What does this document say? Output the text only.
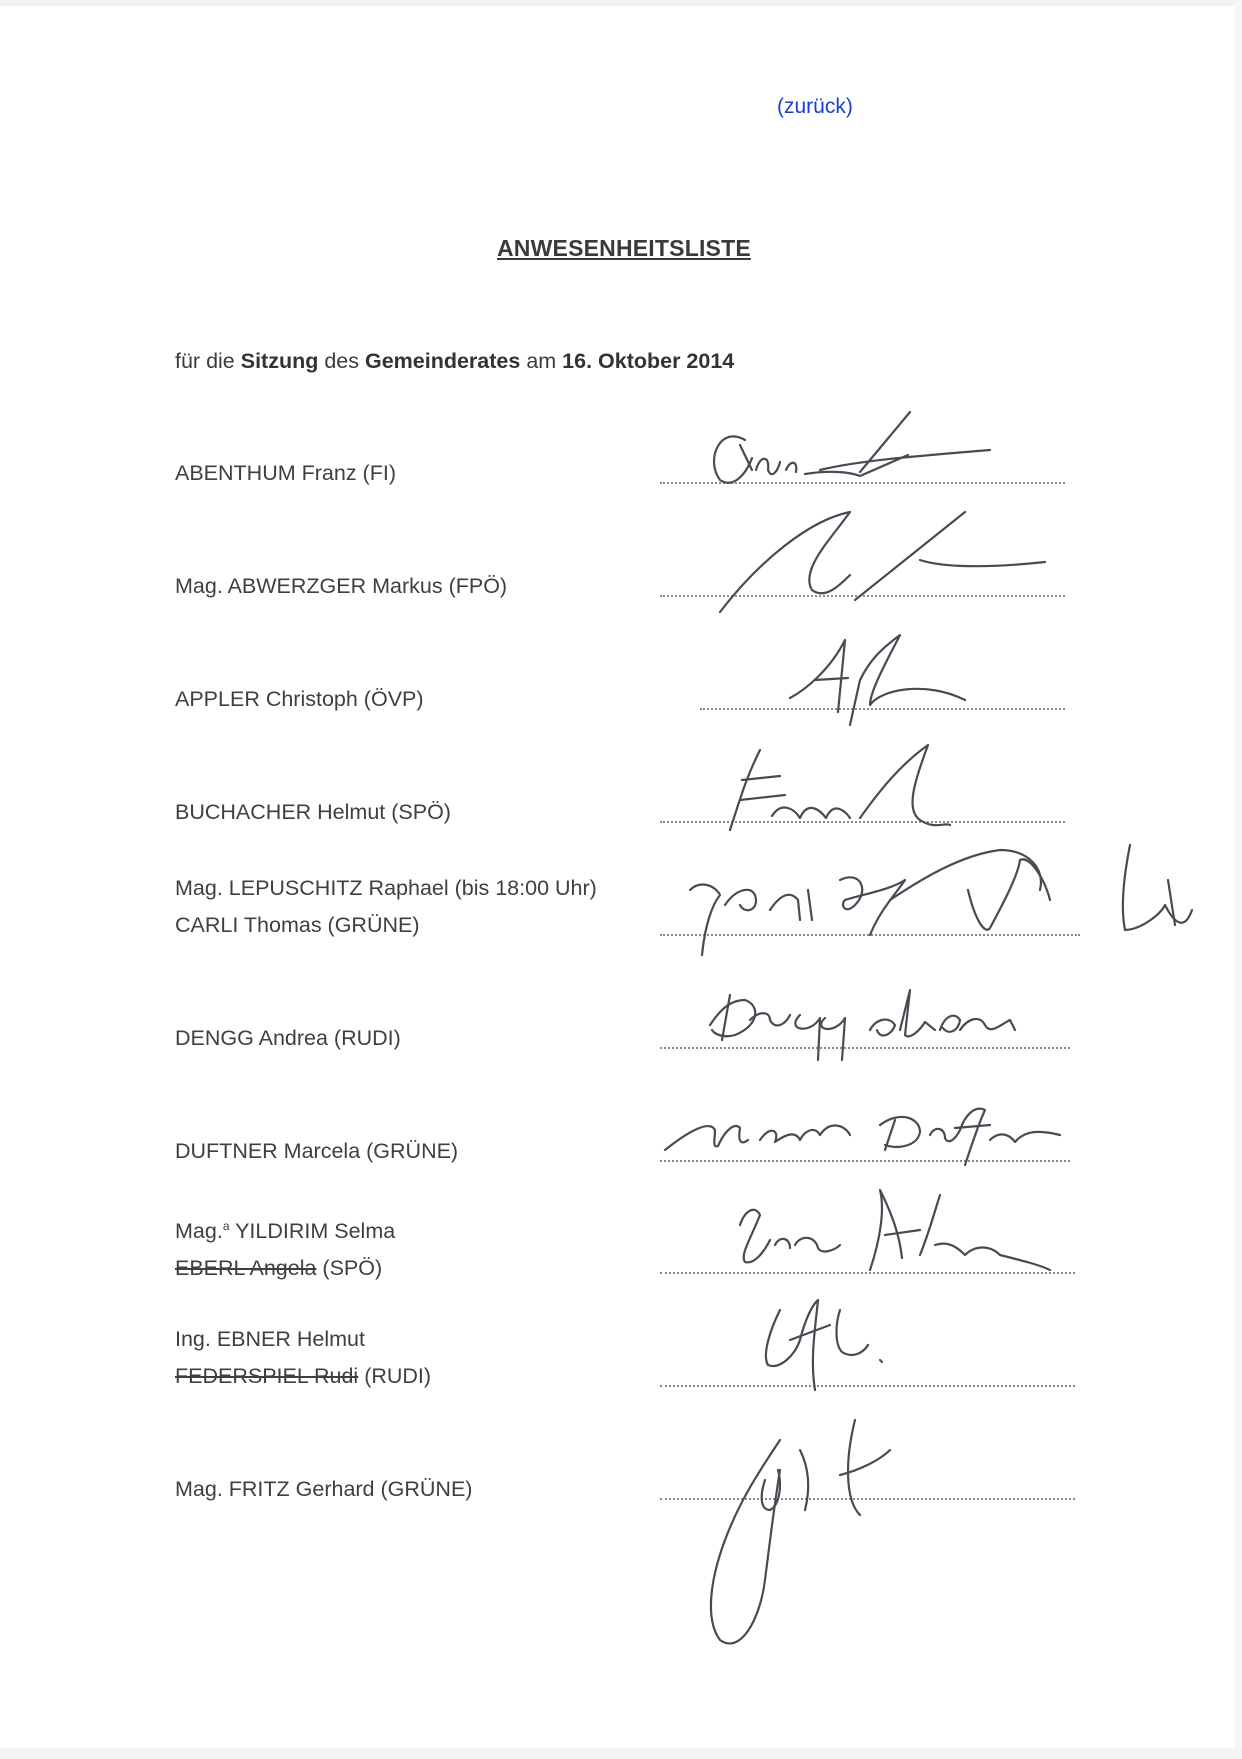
(zurück)
ANWESENHEITSLISTE
für die Sitzung des Gemeinderates am 16. Oktober 2014
ABENTHUM Franz (FI)
Mag. ABWERZGER Markus (FPÖ)
APPLER Christoph (ÖVP)
BUCHACHER Helmut (SPÖ)
Mag. LEPUSCHITZ Raphael (bis 18:00 Uhr)
CARLI Thomas (GRÜNE)
DENGG Andrea (RUDI)
DUFTNER Marcela (GRÜNE)
Mag.$^a$ YILDIRIM Selma
EBERL Angela (SPÖ)
Ing. EBNER Helmut
FEDERSPIEL Rudi (RUDI)
Mag. FRITZ Gerhard (GRÜNE)
